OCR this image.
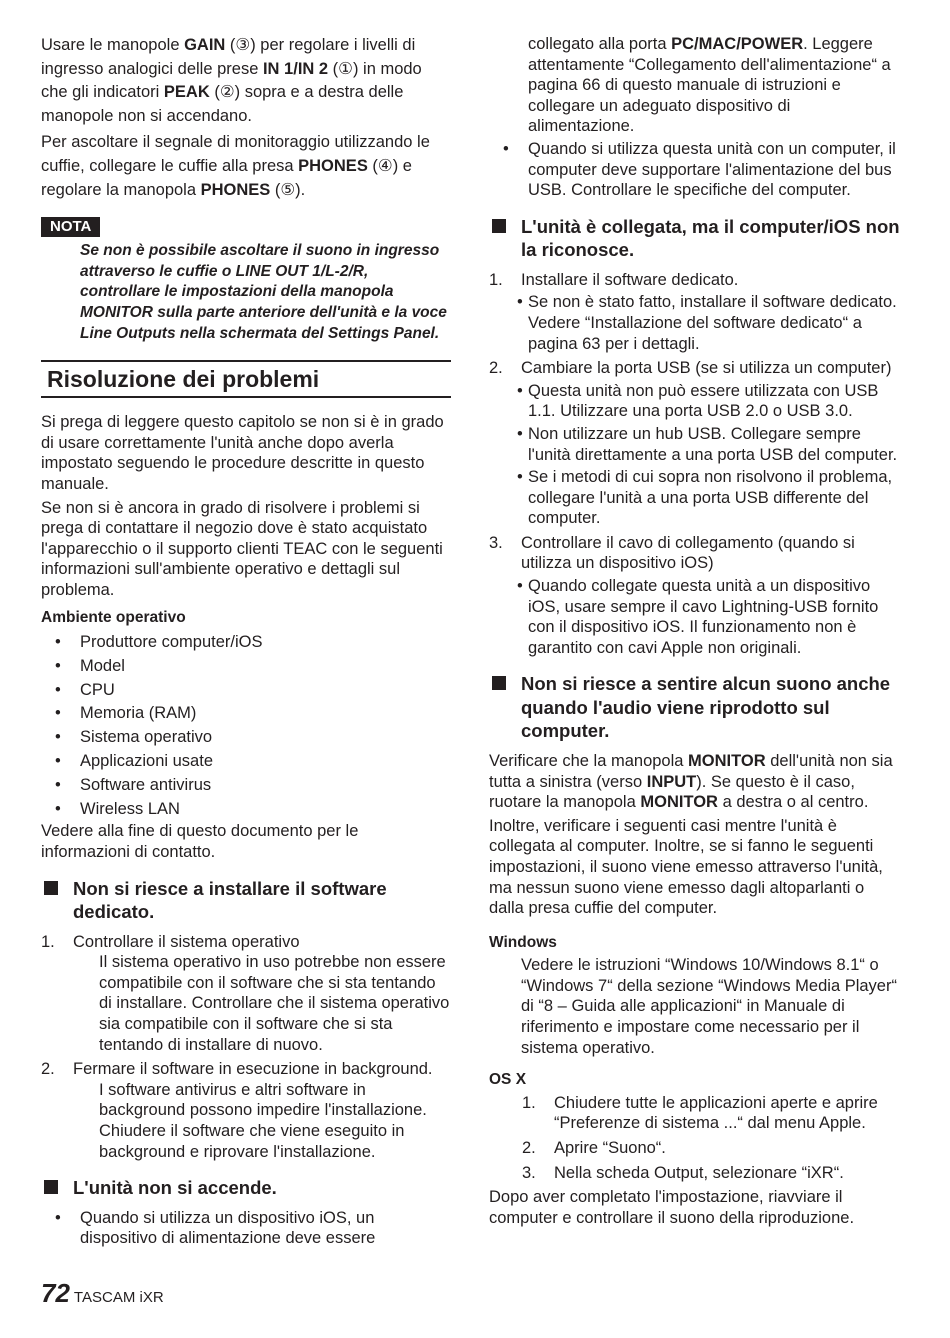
Usare le manopole GAIN (③) per regolare i livelli di ingresso analogici delle prese IN 1/IN 2 (①) in modo che gli indicatori PEAK (②) sopra e a destra delle manopole non si accendano.

Per ascoltare il segnale di monitoraggio utilizzando le cuffie, collegare le cuffie alla presa PHONES (④) e regolare la manopola PHONES (⑤).

NOTA
Se non è possibile ascoltare il suono in ingresso attraverso le cuffie o LINE OUT 1/L-2/R, controllare le impostazioni della manopola MONITOR sulla parte anteriore dell'unità e la voce Line Outputs nella schermata del Settings Panel.
Risoluzione dei problemi

Si prega di leggere questo capitolo se non si è in grado di usare correttamente l'unità anche dopo averla impostato seguendo le procedure descritte in questo manuale.

Se non si è ancora in grado di risolvere i problemi si prega di contattare il negozio dove è stato acquistato l'apparecchio o il supporto clienti TEAC con le seguenti informazioni sull'ambiente operativo e dettagli sul problema.

Ambiente operativo
• Produttore computer/iOS
• Model
• CPU
• Memoria (RAM)
• Sistema operativo
• Applicazioni usate
• Software antivirus
• Wireless LAN

Vedere alla fine di questo documento per le informazioni di contatto.

Non si riesce a installare il software dedicato.
1. Controllare il sistema operativo
Il sistema operativo in uso potrebbe non essere compatibile con il software che si sta tentando di installare. Controllare che il sistema operativo sia compatibile con il software che si sta tentando di installare di nuovo.
2. Fermare il software in esecuzione in background.
I software antivirus e altri software in background possono impedire l'installazione. Chiudere il software che viene eseguito in background e riprovare l'installazione.
L'unità non si accende.
• Quando si utilizza un dispositivo iOS, un dispositivo di alimentazione deve essere
collegato alla porta PC/MAC/POWER. Leggere attentamente “Collegamento dell'alimentazione“ a pagina 66 di questo manuale di istruzioni e collegare un adeguato dispositivo di alimentazione.
• Quando si utilizza questa unità con un computer, il computer deve supportare l'alimentazione del bus USB. Controllare le specifiche del computer.
L'unità è collegata, ma il computer/iOS non la riconosce.
1. Installare il software dedicato.
• Se non è stato fatto, installare il software dedicato. Vedere “Installazione del software dedicato“ a pagina 63 per i dettagli.
2. Cambiare la porta USB (se si utilizza un computer)
• Questa unità non può essere utilizzata con USB 1.1. Utilizzare una porta USB 2.0 o USB 3.0.
• Non utilizzare un hub USB. Collegare sempre l'unità direttamente a una porta USB del computer.
• Se i metodi di cui sopra non risolvono il problema, collegare l'unità a una porta USB differente del computer.
3. Controllare il cavo di collegamento (quando si utilizza un dispositivo iOS)
• Quando collegate questa unità a un dispositivo iOS, usare sempre il cavo Lightning-USB fornito con il dispositivo iOS. Il funzionamento non è garantito con cavi Apple non originali.
Non si riesce a sentire alcun suono anche quando l'audio viene riprodotto sul computer.

Verificare che la manopola MONITOR dell'unità non sia tutta a sinistra (verso INPUT). Se questo è il caso, ruotare la manopola MONITOR a destra o al centro.

Inoltre, verificare i seguenti casi mentre l'unità è collegata al computer. Inoltre, se si fanno le seguenti impostazioni, il suono viene emesso attraverso l'unità, ma nessun suono viene emesso dagli altoparlanti o dalla presa cuffie del computer.

Windows
Vedere le istruzioni “Windows 10/Windows 8.1“ o “Windows 7“ della sezione “Windows Media Player“ di “8 – Guida alle applicazioni“ in Manuale di riferimento e impostare come necessario per il sistema operativo.
OS X
1. Chiudere tutte le applicazioni aperte e aprire “Preferenze di sistema ...“ dal menu Apple.
2. Aprire “Suono“.
3. Nella scheda Output, selezionare “iXR“.

Dopo aver completato l'impostazione, riavviare il computer e controllare il suono della riproduzione.

72 TASCAM iXR
